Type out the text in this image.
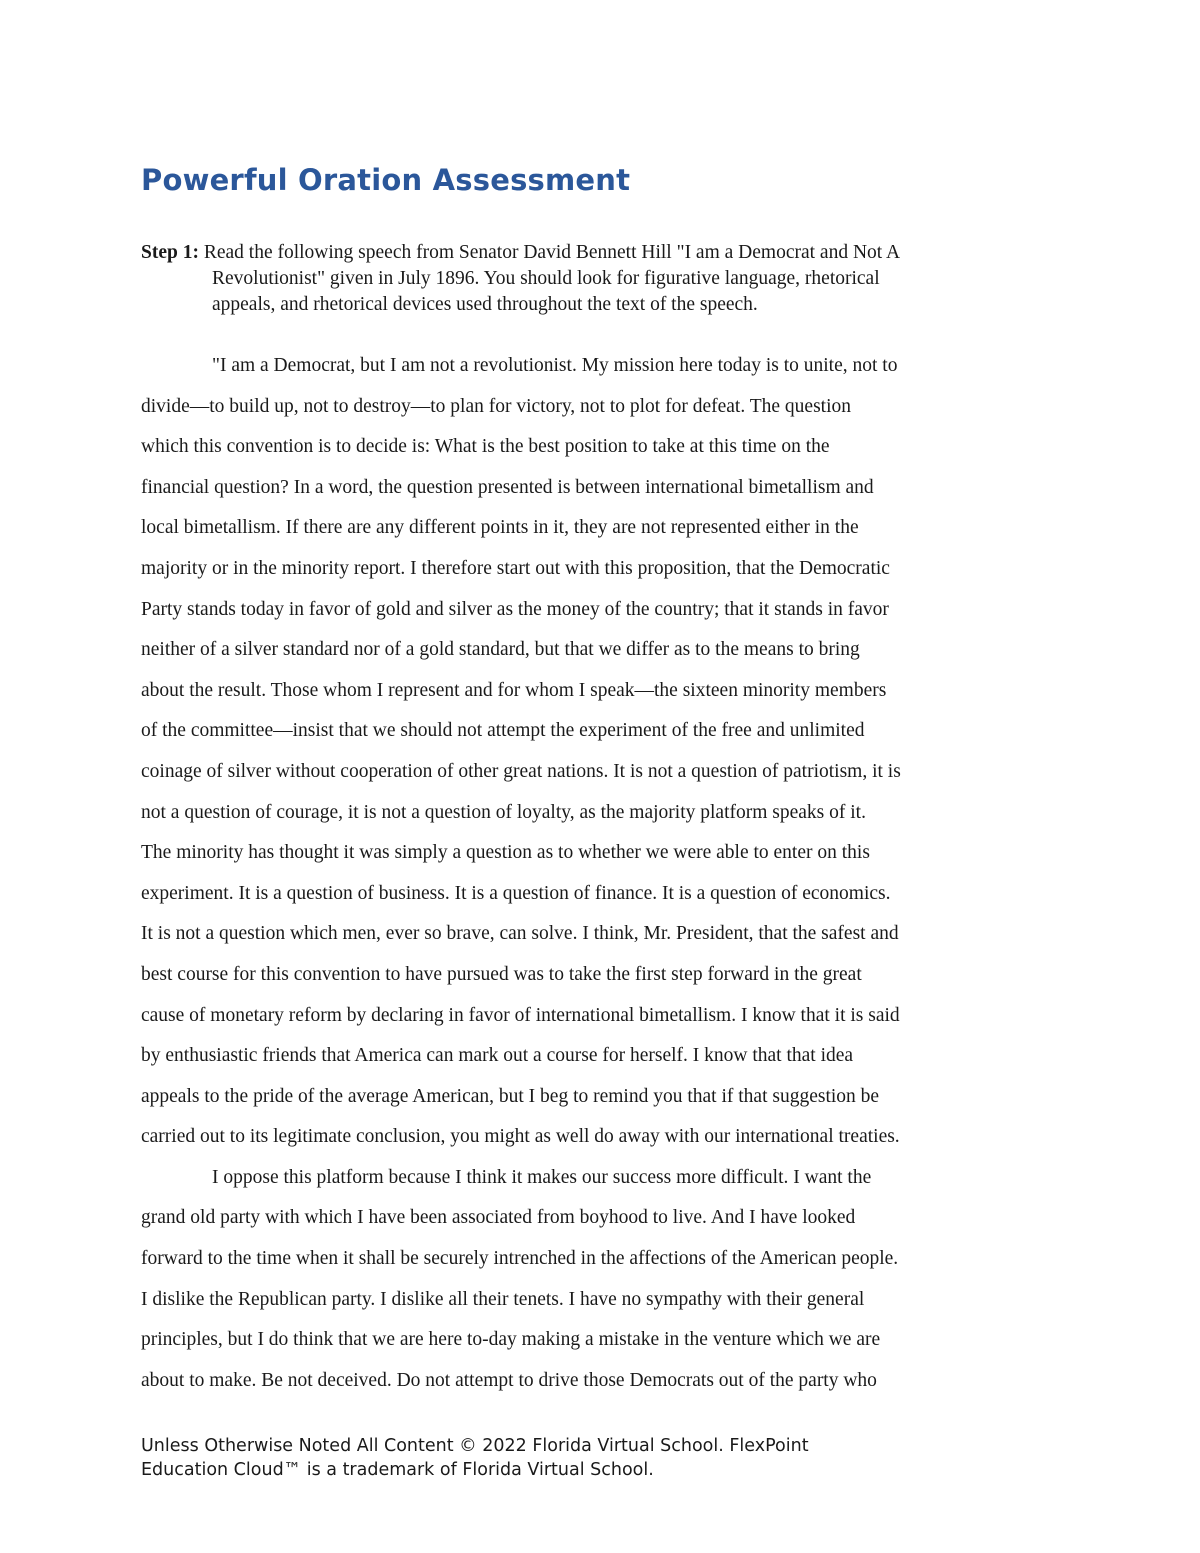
Powerful Oration Assessment
Step 1: Read the following speech from Senator David Bennett Hill "I am a Democrat and Not A
Revolutionist" given in July 1896. You should look for figurative language, rhetorical
appeals, and rhetorical devices used throughout the text of the speech.
"I am a Democrat, but I am not a revolutionist. My mission here today is to unite, not to
divide—to build up, not to destroy—to plan for victory, not to plot for defeat. The question
which this convention is to decide is: What is the best position to take at this time on the
financial question? In a word, the question presented is between international bimetallism and
local bimetallism. If there are any different points in it, they are not represented either in the
majority or in the minority report. I therefore start out with this proposition, that the Democratic
Party stands today in favor of gold and silver as the money of the country; that it stands in favor
neither of a silver standard nor of a gold standard, but that we differ as to the means to bring
about the result. Those whom I represent and for whom I speak—the sixteen minority members
of the committee—insist that we should not attempt the experiment of the free and unlimited
coinage of silver without cooperation of other great nations. It is not a question of patriotism, it is
not a question of courage, it is not a question of loyalty, as the majority platform speaks of it.
The minority has thought it was simply a question as to whether we were able to enter on this
experiment. It is a question of business. It is a question of finance. It is a question of economics.
It is not a question which men, ever so brave, can solve. I think, Mr. President, that the safest and
best course for this convention to have pursued was to take the first step forward in the great
cause of monetary reform by declaring in favor of international bimetallism. I know that it is said
by enthusiastic friends that America can mark out a course for herself. I know that that idea
appeals to the pride of the average American, but I beg to remind you that if that suggestion be
carried out to its legitimate conclusion, you might as well do away with our international treaties.
I oppose this platform because I think it makes our success more difficult. I want the
grand old party with which I have been associated from boyhood to live. And I have looked
forward to the time when it shall be securely intrenched in the affections of the American people.
I dislike the Republican party. I dislike all their tenets. I have no sympathy with their general
principles, but I do think that we are here to-day making a mistake in the venture which we are
about to make. Be not deceived. Do not attempt to drive those Democrats out of the party who
Unless Otherwise Noted All Content © 2022 Florida Virtual School. FlexPoint
Education Cloud™ is a trademark of Florida Virtual School.
